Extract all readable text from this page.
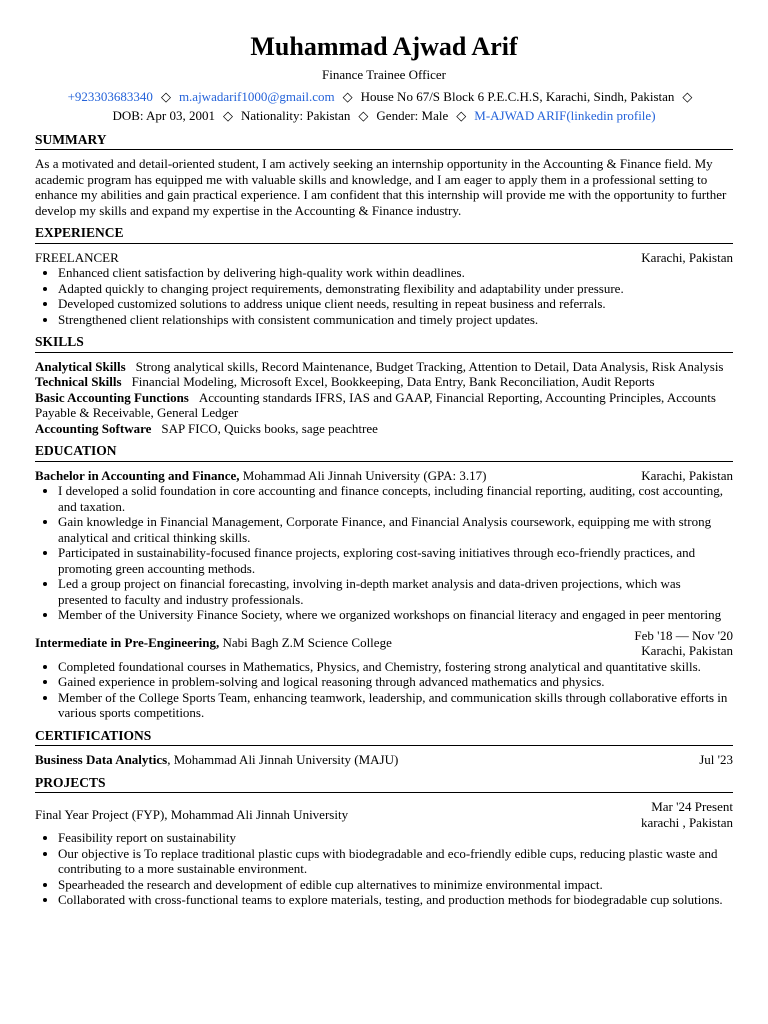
Muhammad Ajwad Arif
Finance Trainee Officer
+923303683340 ◇ m.ajwadarif1000@gmail.com ◇ House No 67/S Block 6 P.E.C.H.S, Karachi, Sindh, Pakistan ◇
DOB: Apr 03, 2001 ◇ Nationality: Pakistan ◇ Gender: Male ◇ M-AJWAD ARIF(linkedin profile)
SUMMARY

As a motivated and detail-oriented student, I am actively seeking an internship opportunity in the Accounting & Finance field. My academic program has equipped me with valuable skills and knowledge, and I am eager to apply them in a professional setting to enhance my abilities and gain practical experience. I am confident that this internship will provide me with the opportunity to further develop my skills and expand my expertise in the Accounting & Finance industry.

EXPERIENCE
FREELANCER	Karachi, Pakistan
• Enhanced client satisfaction by delivering high-quality work within deadlines.
• Adapted quickly to changing project requirements, demonstrating flexibility and adaptability under pressure.
• Developed customized solutions to address unique client needs, resulting in repeat business and referrals.
• Strengthened client relationships with consistent communication and timely project updates.
SKILLS

Analytical Skills Strong analytical skills, Record Maintenance, Budget Tracking, Attention to Detail, Data Analysis, Risk Analysis

Technical Skills Financial Modeling, Microsoft Excel, Bookkeeping, Data Entry, Bank Reconciliation, Audit Reports

Basic Accounting Functions Accounting standards IFRS, IAS and GAAP, Financial Reporting, Accounting Principles, Accounts Payable & Receivable, General Ledger

Accounting Software SAP FICO, Quicks books, sage peachtree

EDUCATION
Bachelor in Accounting and Finance, Mohammad Ali Jinnah University (GPA: 3.17)	Karachi, Pakistan
• I developed a solid foundation in core accounting and finance concepts, including financial reporting, auditing, cost accounting, and taxation.
• Gain knowledge in Financial Management, Corporate Finance, and Financial Analysis coursework, equipping me with strong analytical and critical thinking skills.
• Participated in sustainability-focused finance projects, exploring cost-saving initiatives through eco-friendly practices, and promoting green accounting methods.
• Led a group project on financial forecasting, involving in-depth market analysis and data-driven projections, which was presented to faculty and industry professionals.
• Member of the University Finance Society, where we organized workshops on financial literacy and engaged in peer mentoring
Intermediate in Pre-Engineering, Nabi Bagh Z.M Science College
Feb '18 — Nov '20
Karachi, Pakistan
• Completed foundational courses in Mathematics, Physics, and Chemistry, fostering strong analytical and quantitative skills.
• Gained experience in problem-solving and logical reasoning through advanced mathematics and physics.
• Member of the College Sports Team, enhancing teamwork, leadership, and communication skills through collaborative efforts in various sports competitions.
CERTIFICATIONS
Business Data Analytics, Mohammad Ali Jinnah University (MAJU)	Jul '23
PROJECTS
Final Year Project (FYP), Mohammad Ali Jinnah University
Mar '24 Present
karachi , Pakistan
• Feasibility report on sustainability
• Our objective is To replace traditional plastic cups with biodegradable and eco-friendly edible cups, reducing plastic waste and contributing to a more sustainable environment.
• Spearheaded the research and development of edible cup alternatives to minimize environmental impact.
• Collaborated with cross-functional teams to explore materials, testing, and production methods for biodegradable cup solutions.
